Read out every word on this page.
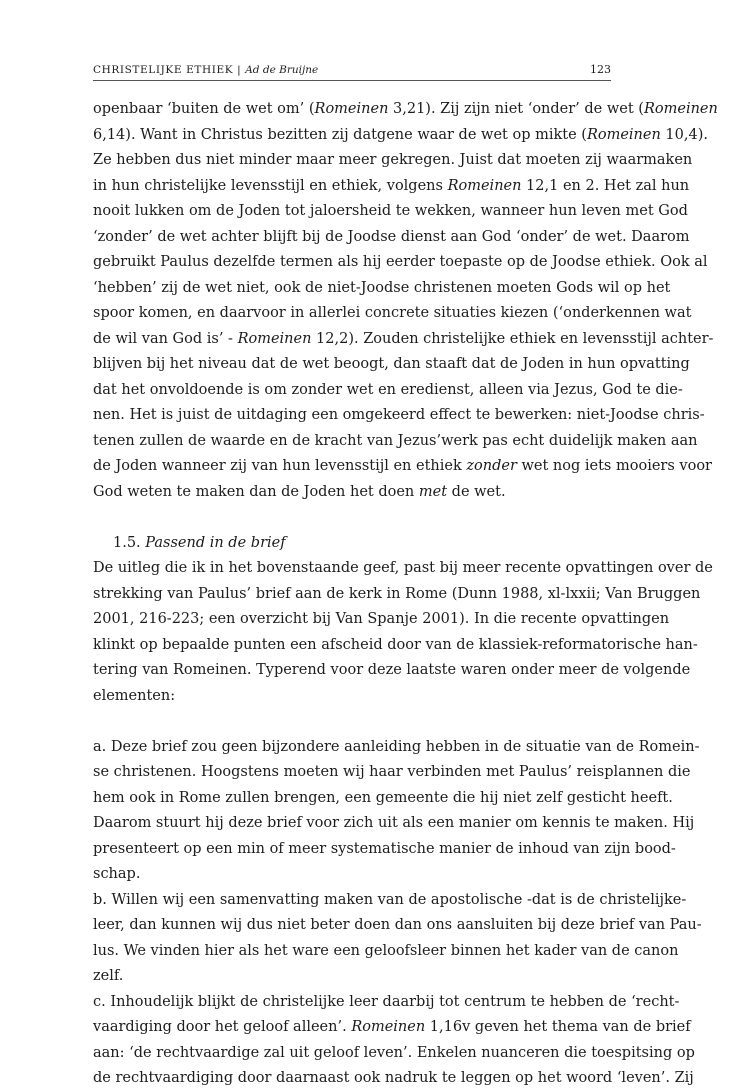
CHRISTELIJKE ETHIEK | Ad de Bruijne	123
openbaar ‘buiten de wet om’ (Romeinen 3,21). Zij zijn niet ‘onder’ de wet (Romeinen
6,14). Want in Christus bezitten zij datgene waar de wet op mikte (Romeinen 10,4).
Ze hebben dus niet minder maar meer gekregen. Juist dat moeten zij waarmaken
in hun christelijke levensstijl en ethiek, volgens Romeinen 12,1 en 2. Het zal hun
nooit lukken om de Joden tot jaloersheid te wekken, wanneer hun leven met God
‘zonder’ de wet achter blijft bij de Joodse dienst aan God ‘onder’ de wet. Daarom
gebruikt Paulus dezelfde termen als hij eerder toepaste op de Joodse ethiek. Ook al
‘hebben’ zij de wet niet, ook de niet-Joodse christenen moeten Gods wil op het
spoor komen, en daarvoor in allerlei concrete situaties kiezen (‘onderkennen wat
de wil van God is’ - Romeinen 12,2). Zouden christelijke ethiek en levensstijl achter-
blijven bij het niveau dat de wet beoogt, dan staaft dat de Joden in hun opvatting
dat het onvoldoende is om zonder wet en eredienst, alleen via Jezus, God te die-
nen. Het is juist de uitdaging een omgekeerd effect te bewerken: niet-Joodse chris-
tenen zullen de waarde en de kracht van Jezus’werk pas echt duidelijk maken aan
de Joden wanneer zij van hun levensstijl en ethiek zonder wet nog iets mooiers voor
God weten te maken dan de Joden het doen met de wet.
1.5. Passend in de brief
De uitleg die ik in het bovenstaande geef, past bij meer recente opvattingen over de
strekking van Paulus’ brief aan de kerk in Rome (Dunn 1988, xl-lxxii; Van Bruggen
2001, 216-223; een overzicht bij Van Spanje 2001). In die recente opvattingen
klinkt op bepaalde punten een afscheid door van de klassiek-reformatorische han-
tering van Romeinen. Typerend voor deze laatste waren onder meer de volgende
elementen:
a. Deze brief zou geen bijzondere aanleiding hebben in de situatie van de Romein-
se christenen. Hoogstens moeten wij haar verbinden met Paulus’ reisplannen die
hem ook in Rome zullen brengen, een gemeente die hij niet zelf gesticht heeft.
Daarom stuurt hij deze brief voor zich uit als een manier om kennis te maken. Hij
presenteert op een min of meer systematische manier de inhoud van zijn bood-
schap.
b. Willen wij een samenvatting maken van de apostolische -dat is de christelijke-
leer, dan kunnen wij dus niet beter doen dan ons aansluiten bij deze brief van Pau-
lus. We vinden hier als het ware een geloofsleer binnen het kader van de canon
zelf.
c. Inhoudelijk blijkt de christelijke leer daarbij tot centrum te hebben de ‘recht-
vaardiging door het geloof alleen’. Romeinen 1,16v geven het thema van de brief
aan: ‘de rechtvaardige zal uit geloof leven’. Enkelen nuanceren die toespitsing op
de rechtvaardiging door daarnaast ook nadruk te leggen op het woord ‘leven’. Zij
